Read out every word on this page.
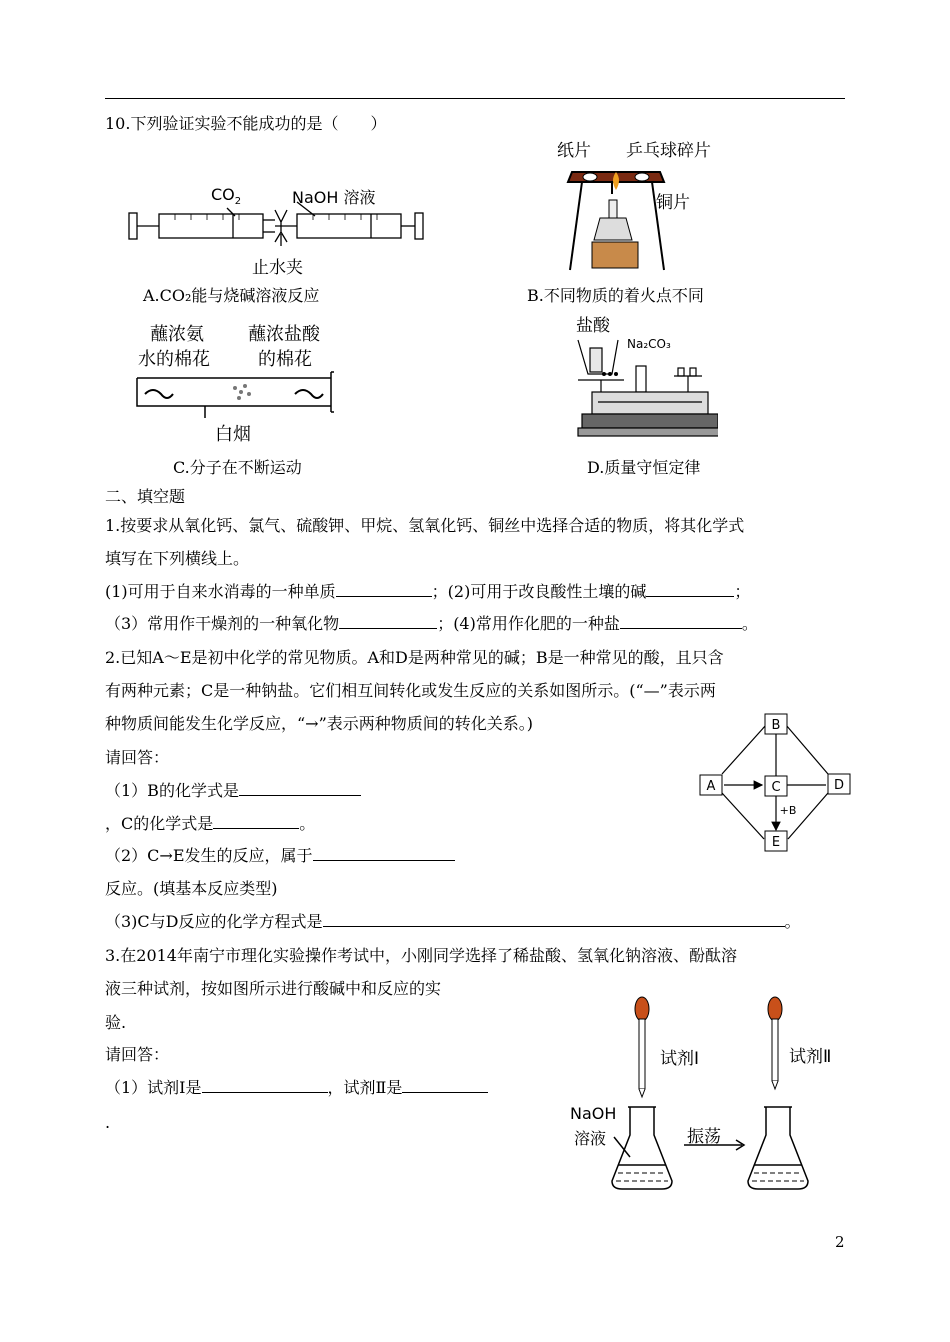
10.下列验证实验不能成功的是（　　）
$CO_2$	NaOH 溶液
止水夹
A.CO₂能与烧碱溶液反应
纸片 乒乓球碎片
铜片
B.不同物质的着火点不同
蘸浓氨
水的棉花
蘸浓盐酸
的棉花
白烟
C.分子在不断运动
盐酸
Na₂CO₃
D.质量守恒定律
二、填空题
1.按要求从氧化钙、氯气、硫酸钾、甲烷、氢氧化钙、铜丝中选择合适的物质，将其化学式
填写在下列横线上。
(1)可用于自来水消毒的一种单质	；(2)可用于改良酸性土壤的碱	；
（3）常用作干燥剂的一种氧化物	；(4)常用作化肥的一种盐	。
2.已知A～E是初中化学的常见物质。A和D是两种常见的碱；B是一种常见的酸，且只含
有两种元素；C是一种钠盐。它们相互间转化或发生反应的关系如图所示。(“—”表示两
种物质间能发生化学反应，“→”表示两种物质间的转化关系。)
请回答：
（1）B的化学式是
，C的化学式是	。
（2）C→E发生的反应，属于
反应。(填基本反应类型)
（3)C与D反应的化学方程式是	。
B
A	C	D
E
+B
3.在2014年南宁市理化实验操作考试中，小刚同学选择了稀盐酸、氢氧化钠溶液、酚酞溶
液三种试剂，按如图所示进行酸碱中和反应的实
验.
请回答：
（1）试剂Ⅰ是	，试剂Ⅱ是
.
试剂Ⅰ	试剂Ⅱ
NaOH
溶液	振荡
2
